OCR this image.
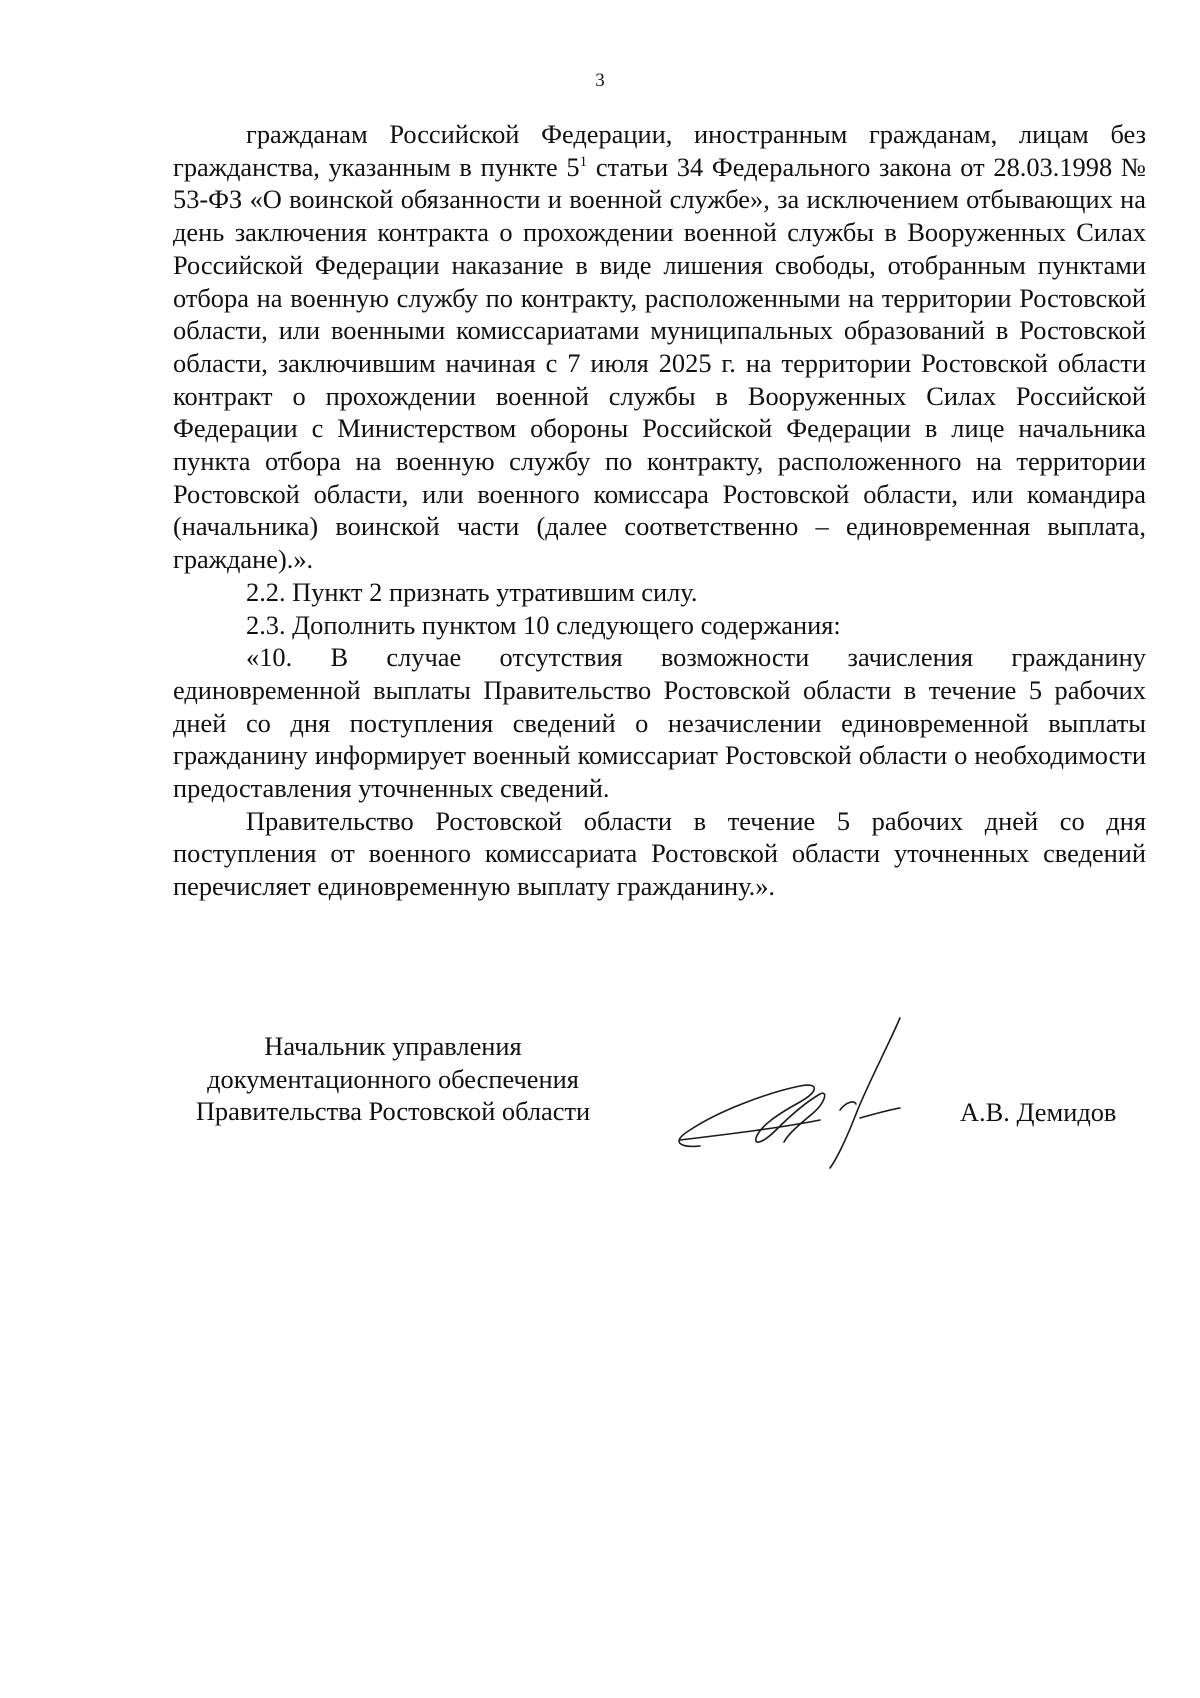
3

гражданам Российской Федерации, иностранным гражданам, лицам без гражданства, указанным в пункте $5^1$ статьи 34 Федерального закона от 28.03.1998 № 53-ФЗ «О воинской обязанности и военной службе», за исключением отбывающих на день заключения контракта о прохождении военной службы в Вооруженных Силах Российской Федерации наказание в виде лишения свободы, отобранным пунктами отбора на военную службу по контракту, расположенными на территории Ростовской области, или военными комиссариатами муниципальных образований в Ростовской области, заключившим начиная с 7 июля 2025 г. на территории Ростовской области контракт о прохождении военной службы в Вооруженных Силах Российской Федерации с Министерством обороны Российской Федерации в лице начальника пункта отбора на военную службу по контракту, расположенного на территории Ростовской области, или военного комиссара Ростовской области, или командира (начальника) воинской части (далее соответственно – единовременная выплата, граждане).».

2.2. Пункт 2 признать утратившим силу.

2.3. Дополнить пунктом 10 следующего содержания:

«10. В случае отсутствия возможности зачисления гражданину единовременной выплаты Правительство Ростовской области в течение 5 рабочих дней со дня поступления сведений о незачислении единовременной выплаты гражданину информирует военный комиссариат Ростовской области о необходимости предоставления уточненных сведений.

Правительство Ростовской области в течение 5 рабочих дней со дня поступления от военного комиссариата Ростовской области уточненных сведений перечисляет единовременную выплату гражданину.».

Начальник управления
документационного обеспечения
Правительства Ростовской области	А.В. Демидов
